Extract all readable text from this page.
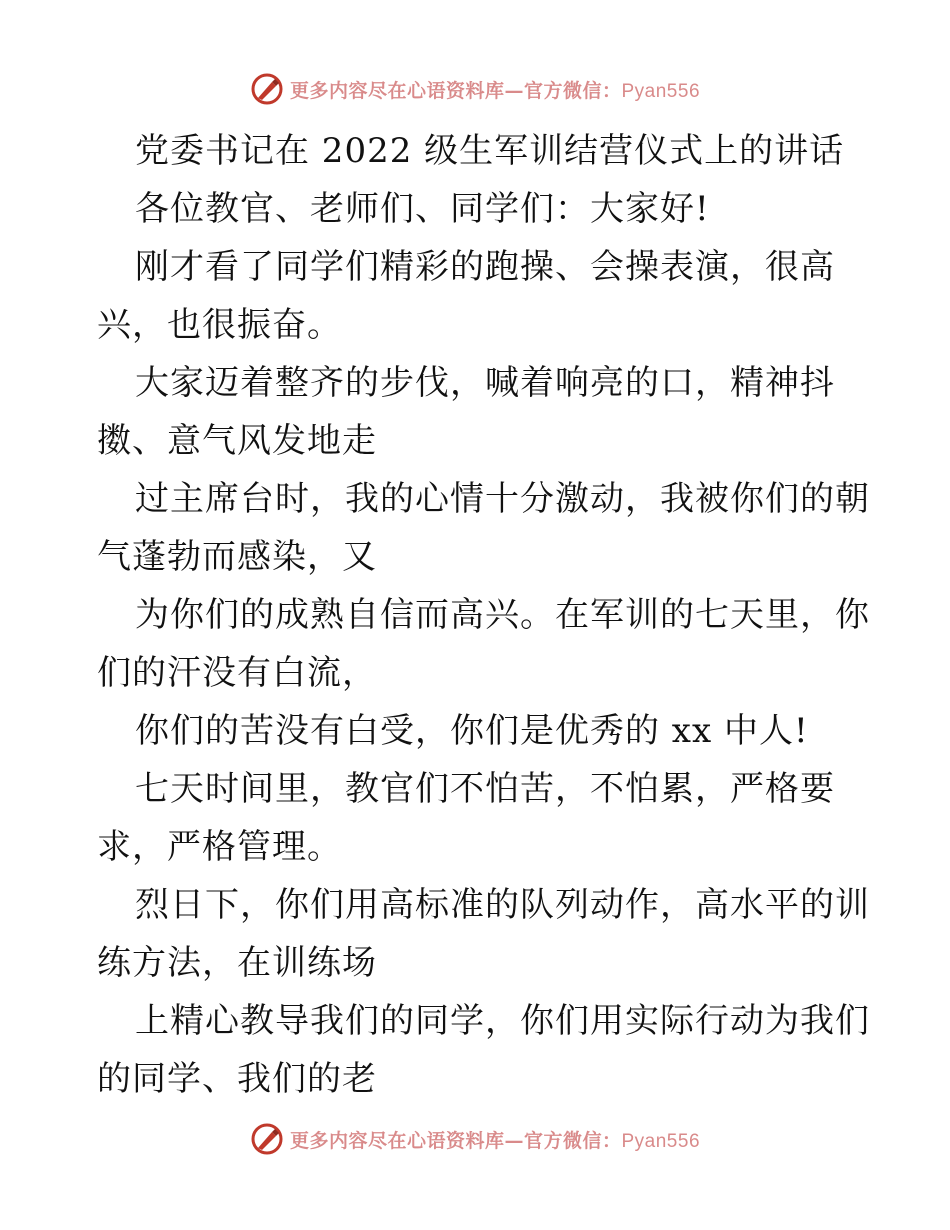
更多内容尽在心语资料库—官方微信：Pyan556
党委书记在 2022 级生军训结营仪式上的讲话
各位教官、老师们、同学们：大家好!
刚才看了同学们精彩的跑操、会操表演，很高
兴，也很振奋。
大家迈着整齐的步伐，喊着响亮的口，精神抖
擞、意气风发地走
过主席台时，我的心情十分激动，我被你们的朝
气蓬勃而感染，又
为你们的成熟自信而高兴。在军训的七天里，你
们的汗没有白流，
你们的苦没有白受，你们是优秀的 xx 中人!
七天时间里，教官们不怕苦，不怕累，严格要
求，严格管理。
烈日下，你们用高标准的队列动作，高水平的训
练方法，在训练场
上精心教导我们的同学，你们用实际行动为我们
的同学、我们的老
更多内容尽在心语资料库—官方微信：Pyan556
